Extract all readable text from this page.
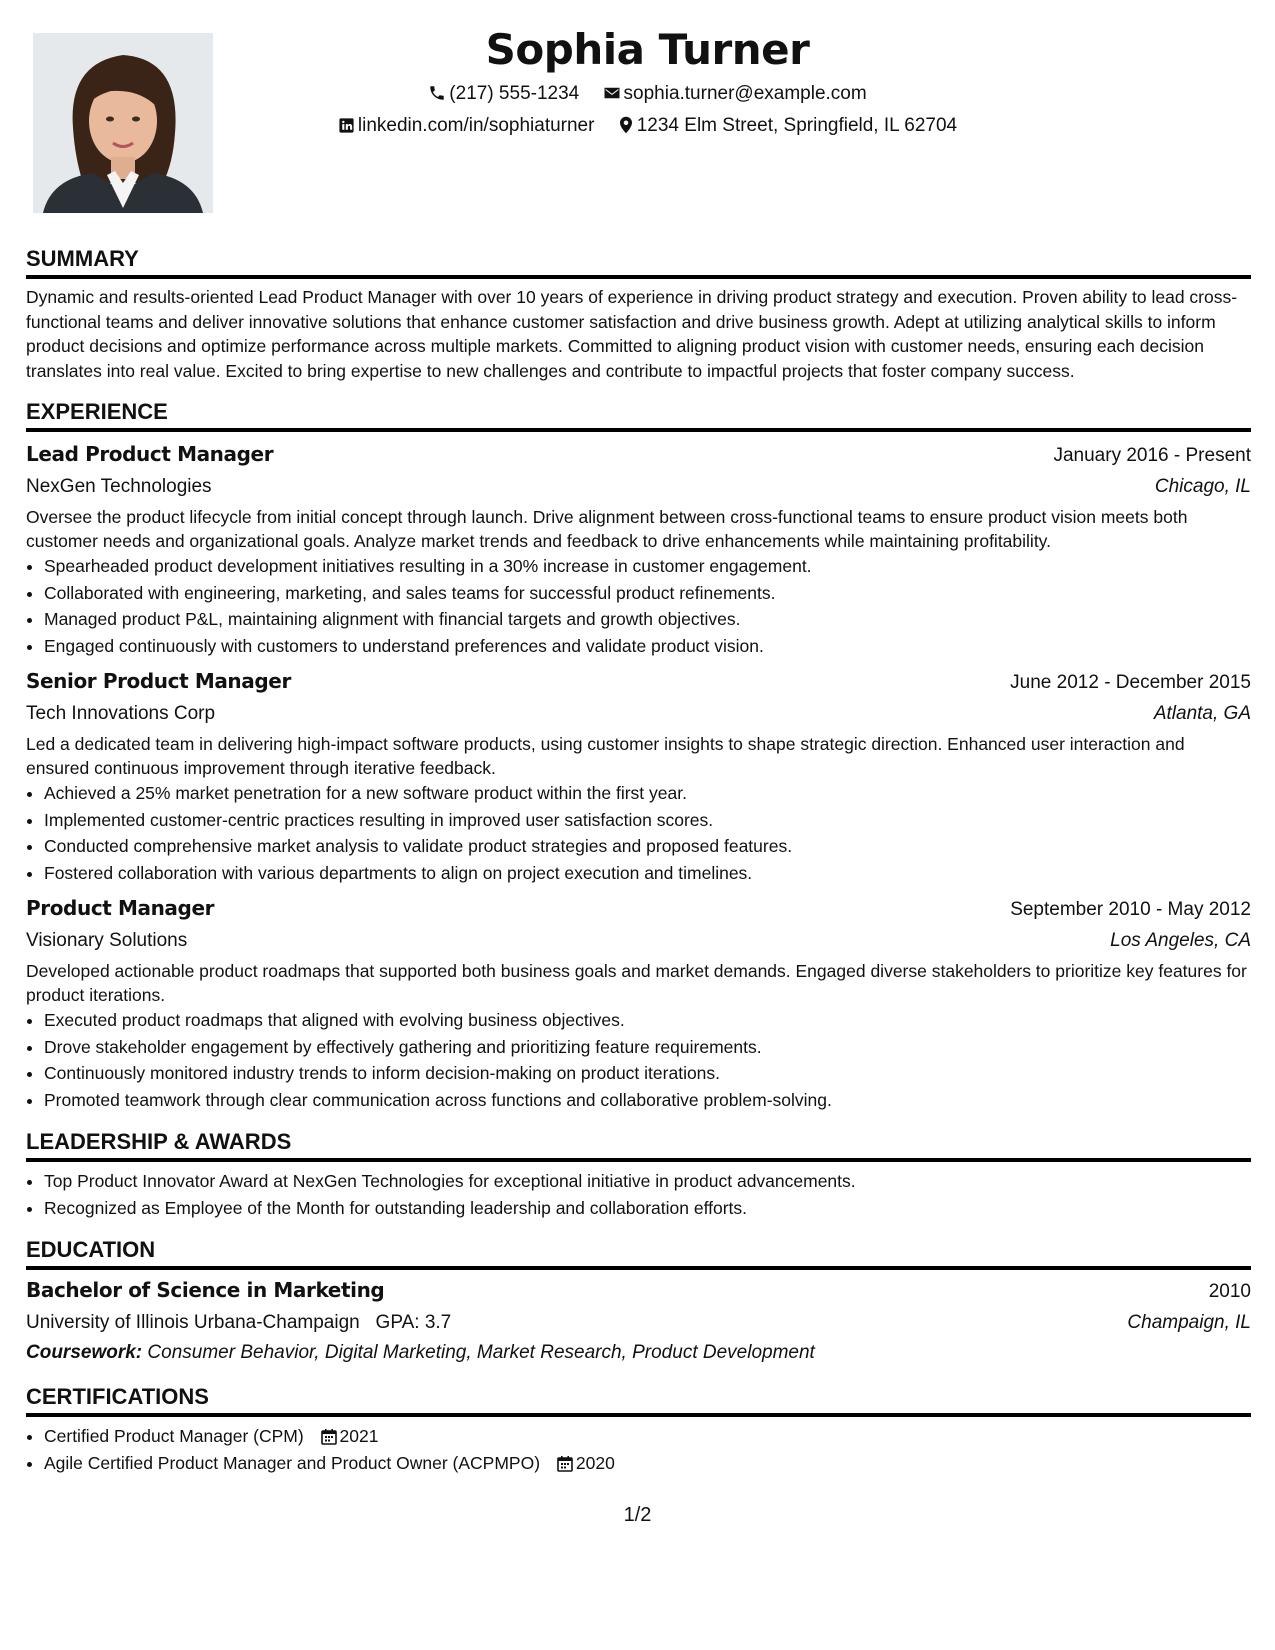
Sophia Turner
(217) 555-1234 sophia.turner@example.com
linkedin.com/in/sophiaturner 1234 Elm Street, Springfield, IL 62704
SUMMARY

Dynamic and results-oriented Lead Product Manager with over 10 years of experience in driving product strategy and execution. Proven ability to lead cross-functional teams and deliver innovative solutions that enhance customer satisfaction and drive business growth. Adept at utilizing analytical skills to inform product decisions and optimize performance across multiple markets. Committed to aligning product vision with customer needs, ensuring each decision translates into real value. Excited to bring expertise to new challenges and contribute to impactful projects that foster company success.

EXPERIENCE
Lead Product Manager	January 2016 - Present
NexGen Technologies	Chicago, IL

Oversee the product lifecycle from initial concept through launch. Drive alignment between cross-functional teams to ensure product vision meets both customer needs and organizational goals. Analyze market trends and feedback to drive enhancements while maintaining profitability.

• Spearheaded product development initiatives resulting in a 30% increase in customer engagement.
• Collaborated with engineering, marketing, and sales teams for successful product refinements.
• Managed product P&L, maintaining alignment with financial targets and growth objectives.
• Engaged continuously with customers to understand preferences and validate product vision.
Senior Product Manager	June 2012 - December 2015
Tech Innovations Corp	Atlanta, GA

Led a dedicated team in delivering high-impact software products, using customer insights to shape strategic direction. Enhanced user interaction and ensured continuous improvement through iterative feedback.

• Achieved a 25% market penetration for a new software product within the first year.
• Implemented customer-centric practices resulting in improved user satisfaction scores.
• Conducted comprehensive market analysis to validate product strategies and proposed features.
• Fostered collaboration with various departments to align on project execution and timelines.
Product Manager	September 2010 - May 2012
Visionary Solutions	Los Angeles, CA

Developed actionable product roadmaps that supported both business goals and market demands. Engaged diverse stakeholders to prioritize key features for product iterations.

• Executed product roadmaps that aligned with evolving business objectives.
• Drove stakeholder engagement by effectively gathering and prioritizing feature requirements.
• Continuously monitored industry trends to inform decision-making on product iterations.
• Promoted teamwork through clear communication across functions and collaborative problem-solving.
LEADERSHIP & AWARDS
• Top Product Innovator Award at NexGen Technologies for exceptional initiative in product advancements.
• Recognized as Employee of the Month for outstanding leadership and collaboration efforts.
EDUCATION
Bachelor of Science in Marketing	2010
University of Illinois Urbana-Champaign GPA: 3.7	Champaign, IL
Coursework: Consumer Behavior, Digital Marketing, Market Research, Product Development
CERTIFICATIONS
• Certified Product Manager (CPM) 2021
• Agile Certified Product Manager and Product Owner (ACPMPO) 2020
1/2
